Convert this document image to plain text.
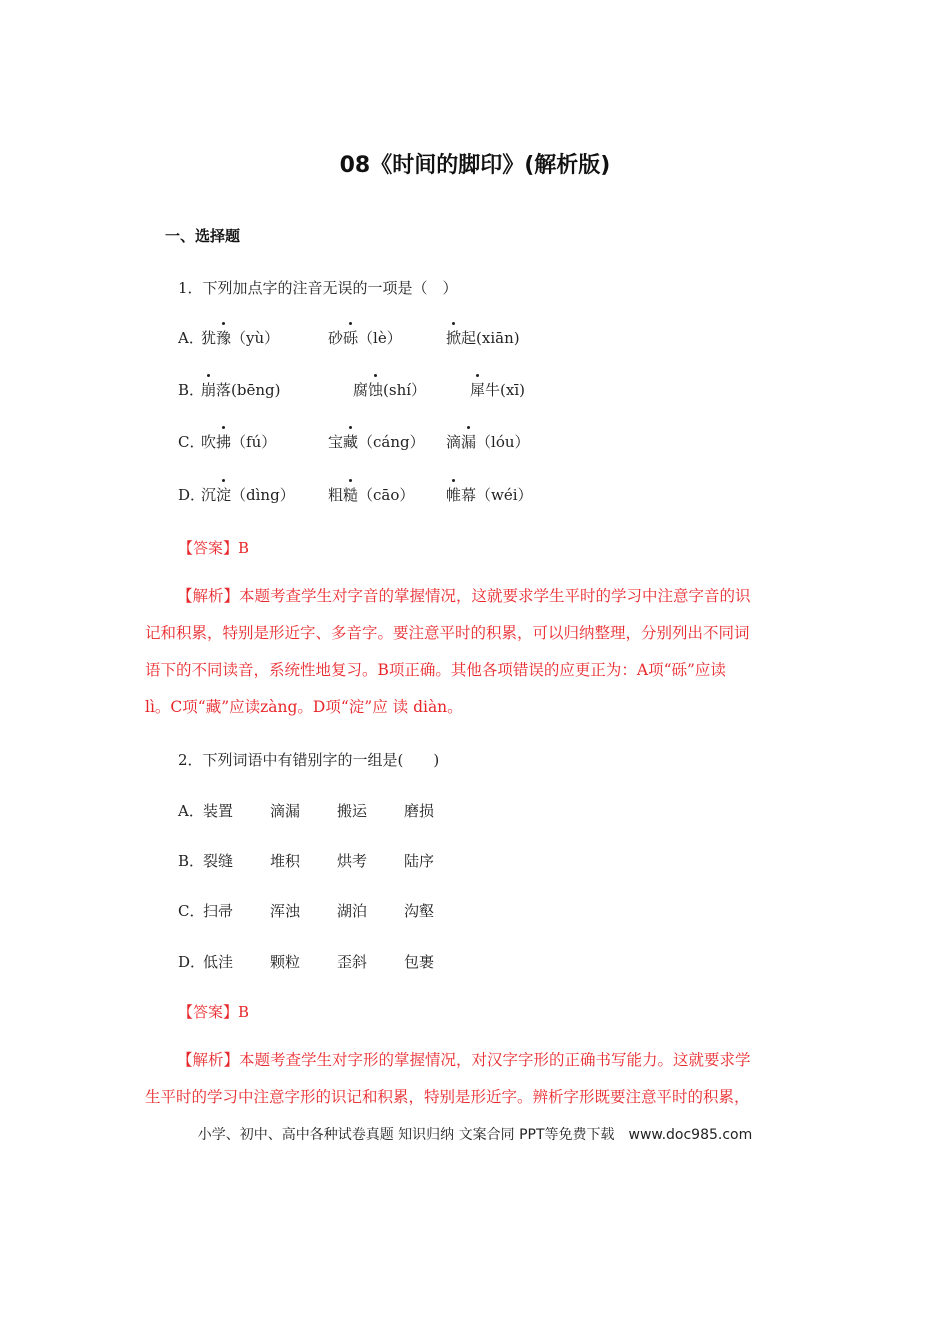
08《时间的脚印》(解析版)
一、选择题
1．下列加点字的注音无误的一项是（　）
A．
犹豫（yù）	砂砾（lè）	掀起(xiān)
B．
崩落(bēng)	腐蚀(shí）	犀牛(xī)
C．
吹拂（fú）	宝藏（cáng） 滴漏（lóu）
D．
沉淀（dìng） 粗糙（cāo） 帷幕（wéi）
【答案】B

【解析】本题考查学生对字音的掌握情况，这就要求学生平时的学习中注意字音的识

记和积累，特别是形近字、多音字。要注意平时的积累，可以归纳整理，分别列出不同词

语下的不同读音，系统性地复习。B项正确。其他各项错误的应更正为：A项“砾”应读

lì。C项“藏”应读zàng。D项“淀”应 读 diàn。

2．下列词语中有错别字的一组是(　　)
A． 装置 滴漏 搬运 磨损
B．
裂缝 堆积 烘考 陆序
C．
扫帚 浑浊 湖泊 沟壑
D．
低洼 颗粒 歪斜 包裹
【答案】B

【解析】本题考查学生对字形的掌握情况，对汉字字形的正确书写能力。这就要求学

生平时的学习中注意字形的识记和积累，特别是形近字。辨析字形既要注意平时的积累，

小学、初中、高中各种试卷真题 知识归纳 文案合同 PPT等免费下载　www.doc985.com
